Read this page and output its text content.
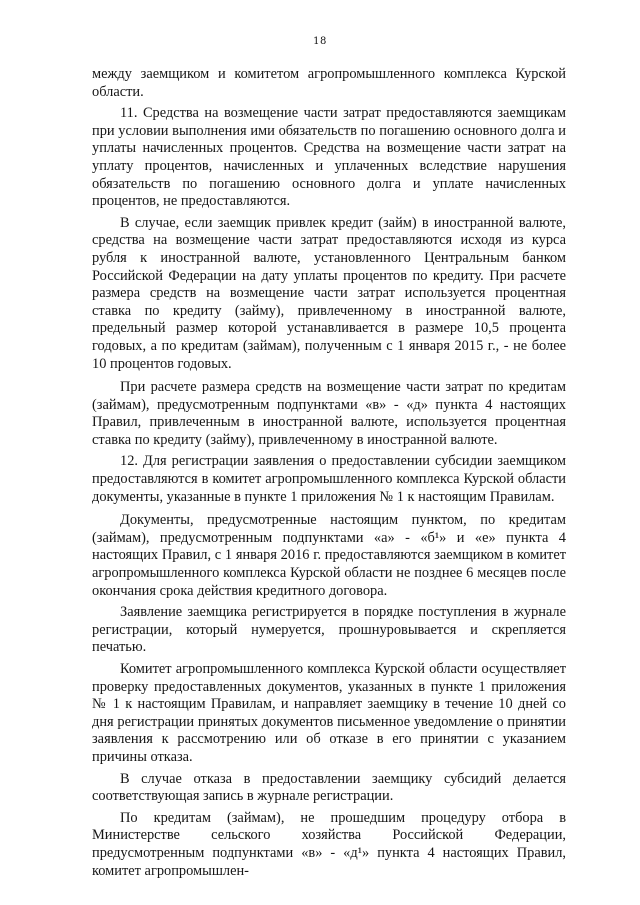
18

между заемщиком и комитетом агропромышленного комплекса Курской области.

11. Средства на возмещение части затрат предоставляются заемщикам при условии выполнения ими обязательств по погашению основного долга и уплаты начисленных процентов. Средства на возмещение части затрат на уплату процентов, начисленных и уплаченных вследствие нарушения обязательств по погашению основного долга и уплате начисленных процентов, не предоставляются.

В случае, если заемщик привлек кредит (займ) в иностранной валюте, средства на возмещение части затрат предоставляются исходя из курса рубля к иностранной валюте, установленного Центральным банком Российской Федерации на дату уплаты процентов по кредиту. При расчете размера средств на возмещение части затрат используется процентная ставка по кредиту (займу), привлеченному в иностранной валюте, предельный размер которой устанавливается в размере 10,5 процента годовых, а по кредитам (займам), полученным с 1 января 2015 г., - не более 10 процентов годовых.

При расчете размера средств на возмещение части затрат по кредитам (займам), предусмотренным подпунктами «в» - «д» пункта 4 настоящих Правил, привлеченным в иностранной валюте, используется процентная ставка по кредиту (займу), привлеченному в иностранной валюте.

12. Для регистрации заявления о предоставлении субсидии заемщиком предоставляются в комитет агропромышленного комплекса Курской области документы, указанные в пункте 1 приложения № 1 к настоящим Правилам.

Документы, предусмотренные настоящим пунктом, по кредитам (займам), предусмотренным подпунктами «а» - «б¹» и «е» пункта 4 настоящих Правил, с 1 января 2016 г. предоставляются заемщиком в комитет агропромышленного комплекса Курской области не позднее 6 месяцев после окончания срока действия кредитного договора.

Заявление заемщика регистрируется в порядке поступления в журнале регистрации, который нумеруется, прошнуровывается и скрепляется печатью.

Комитет агропромышленного комплекса Курской области осуществляет проверку предоставленных документов, указанных в пункте 1 приложения № 1 к настоящим Правилам, и направляет заемщику в течение 10 дней со дня регистрации принятых документов письменное уведомление о принятии заявления к рассмотрению или об отказе в его принятии с указанием причины отказа.

В случае отказа в предоставлении заемщику субсидий делается соответствующая запись в журнале регистрации.

По кредитам (займам), не прошедшим процедуру отбора в Министерстве сельского хозяйства Российской Федерации, предусмотренным подпунктами «в» - «д¹» пункта 4 настоящих Правил, комитет агропромышлен-
